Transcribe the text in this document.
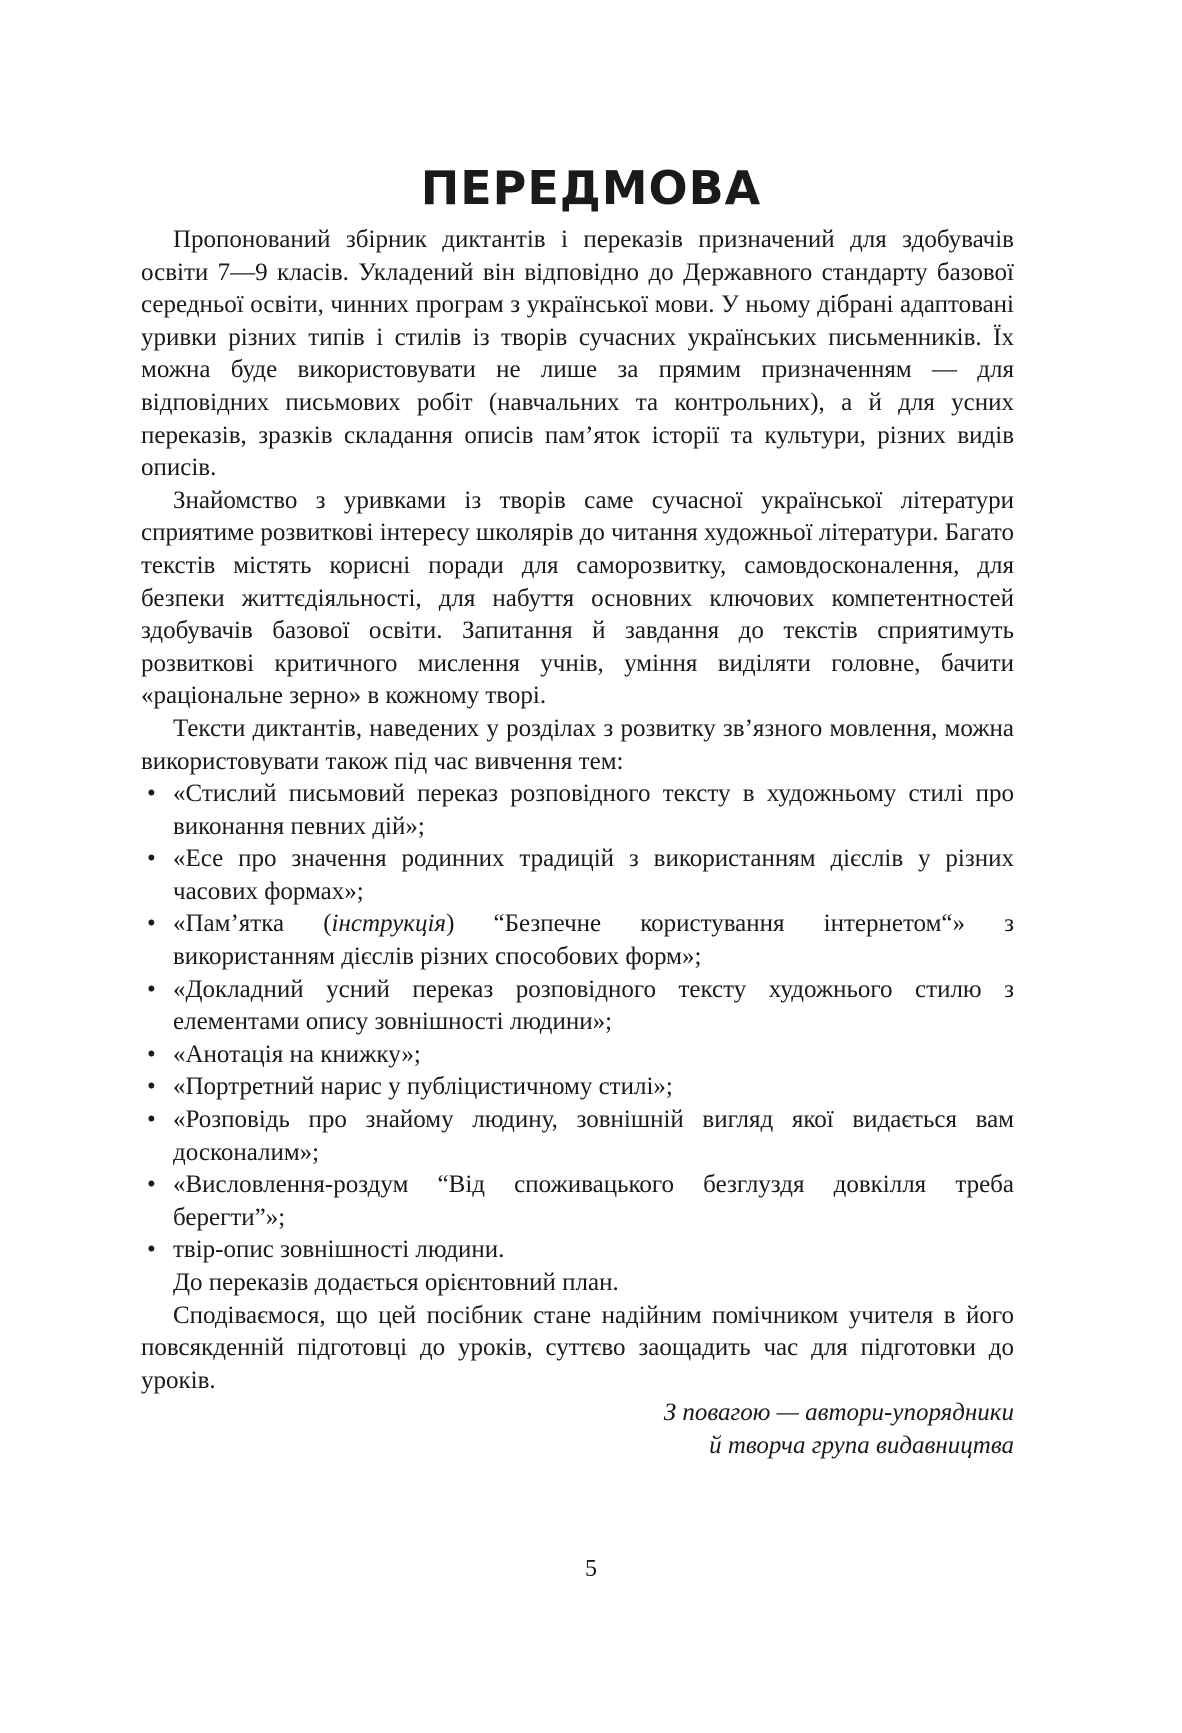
ПЕРЕДМОВА

Пропонований збірник диктантів і переказів призначений для здобувачів освіти 7—9 класів. Укладений він відповідно до Державного стандарту базової середньої освіти, чинних програм з української мови. У ньому дібрані адаптовані уривки різних типів і стилів із творів сучасних українських письменників. Їх можна буде використовувати не лише за прямим призначенням — для відповідних письмових робіт (навчальних та контрольних), а й для усних переказів, зразків складання описів пам’яток історії та культури, різних видів описів.

Знайомство з уривками із творів саме сучасної української літератури сприятиме розвиткові інтересу школярів до читання художньої літератури. Багато текстів містять корисні поради для саморозвитку, самовдосконалення, для безпеки життєдіяльності, для набуття основних ключових компетентностей здобувачів базової освіти. Запитання й завдання до текстів сприятимуть розвиткові критичного мислення учнів, уміння виділяти головне, бачити «раціональне зерно» в кожному творі.

Тексти диктантів, наведених у розділах з розвитку зв’язного мовлення, можна використовувати також під час вивчення тем:

• «Стислий письмовий переказ розповідного тексту в художньому стилі про виконання певних дій»;
• «Есе про значення родинних традицій з використанням дієслів у різних часових формах»;
• «Пам’ятка (інструкція) “Безпечне користування інтернетом“» з використанням дієслів різних способових форм»;
• «Докладний усний переказ розповідного тексту художнього стилю з елементами опису зовнішності людини»;
• «Анотація на книжку»;
• «Портретний нарис у публіцистичному стилі»;
• «Розповідь про знайому людину, зовнішній вигляд якої видається вам досконалим»;
• «Висловлення-роздум “Від споживацького безглуздя довкілля треба берегти”»;
• твір-опис зовнішності людини.

До переказів додається орієнтовний план.

Сподіваємося, що цей посібник стане надійним помічником учителя в його повсякденній підготовці до уроків, суттєво заощадить час для підготовки до уроків.

З повагою — автори-упорядники

й творча група видавництва

5
